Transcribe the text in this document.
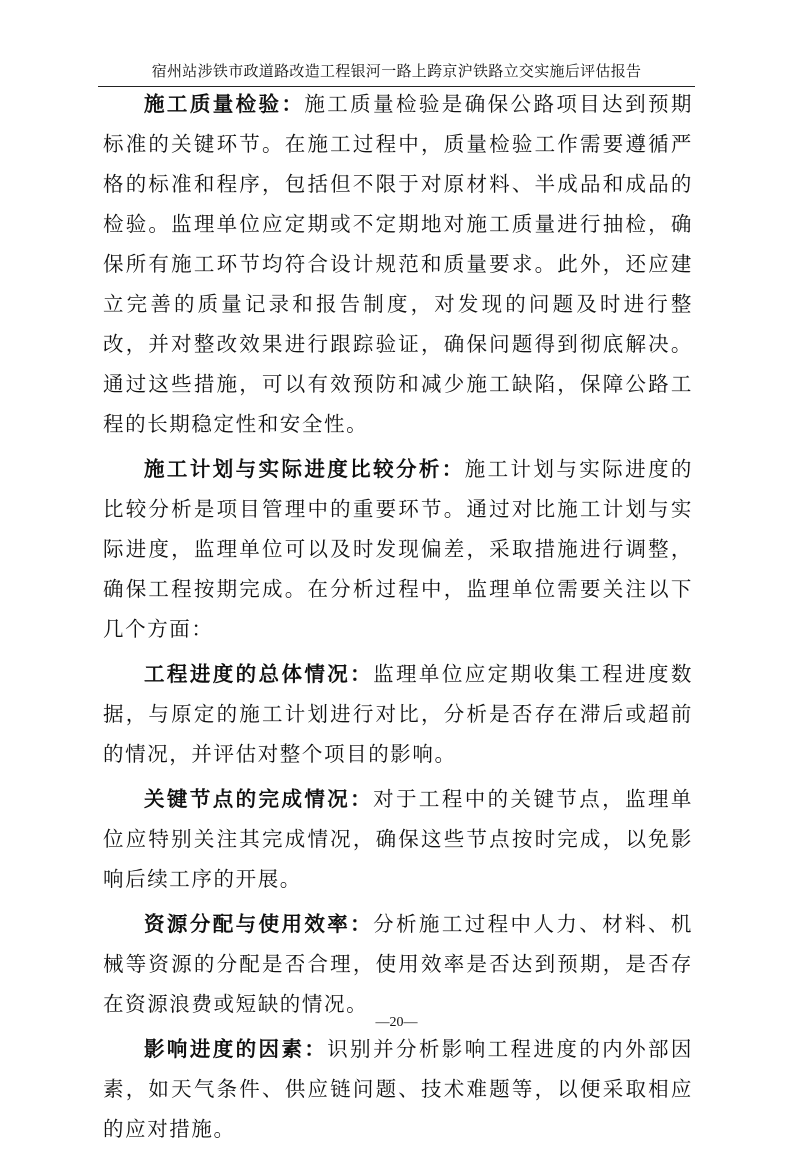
宿州站涉铁市政道路改造工程银河一路上跨京沪铁路立交实施后评估报告

施工质量检验：施工质量检验是确保公路项目达到预期标准的关键环节。在施工过程中，质量检验工作需要遵循严格的标准和程序，包括但不限于对原材料、半成品和成品的检验。监理单位应定期或不定期地对施工质量进行抽检，确保所有施工环节均符合设计规范和质量要求。此外，还应建立完善的质量记录和报告制度，对发现的问题及时进行整改，并对整改效果进行跟踪验证，确保问题得到彻底解决。通过这些措施，可以有效预防和减少施工缺陷，保障公路工程的长期稳定性和安全性。

施工计划与实际进度比较分析：施工计划与实际进度的比较分析是项目管理中的重要环节。通过对比施工计划与实际进度，监理单位可以及时发现偏差，采取措施进行调整，确保工程按期完成。在分析过程中，监理单位需要关注以下几个方面：

工程进度的总体情况：监理单位应定期收集工程进度数据，与原定的施工计划进行对比，分析是否存在滞后或超前的情况，并评估对整个项目的影响。

关键节点的完成情况：对于工程中的关键节点，监理单位应特别关注其完成情况，确保这些节点按时完成，以免影响后续工序的开展。

资源分配与使用效率：分析施工过程中人力、材料、机械等资源的分配是否合理，使用效率是否达到预期，是否存在资源浪费或短缺的情况。

影响进度的因素：识别并分析影响工程进度的内外部因素，如天气条件、供应链问题、技术难题等，以便采取相应的应对措施。

—20—
